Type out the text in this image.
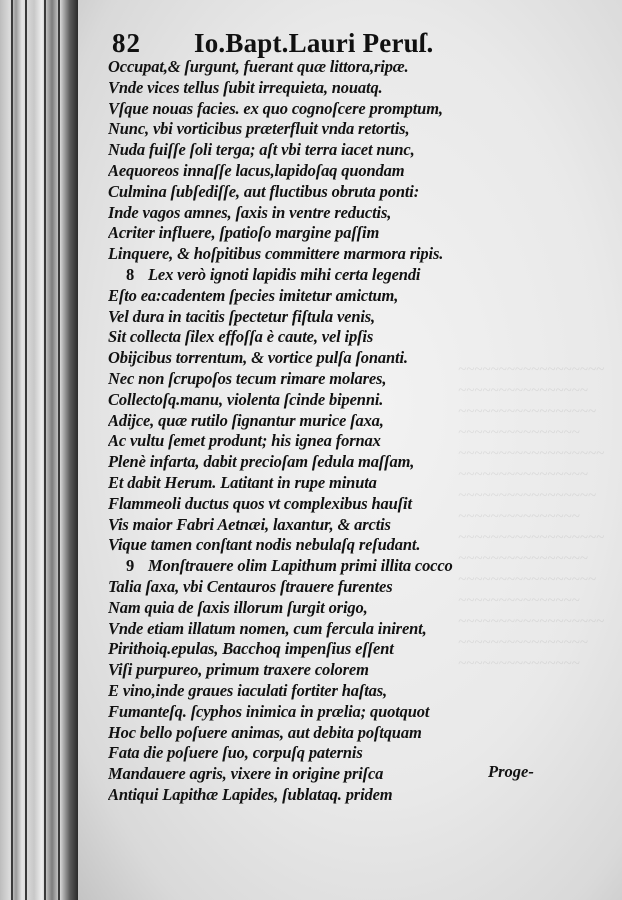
~~~~~~~~~~~~~~~~~~
~~~~~~~~~~~~~~~~
~~~~~~~~~~~~~~~~~
~~~~~~~~~~~~~~~
~~~~~~~~~~~~~~~~~~
~~~~~~~~~~~~~~~~
~~~~~~~~~~~~~~~~~
~~~~~~~~~~~~~~~
~~~~~~~~~~~~~~~~~~
~~~~~~~~~~~~~~~~
~~~~~~~~~~~~~~~~~
~~~~~~~~~~~~~~~
~~~~~~~~~~~~~~~~~~
~~~~~~~~~~~~~~~~
~~~~~~~~~~~~~~~
82 Io.Bapt.Lauri Peruſ.
Occupat,& ſurgunt, fuerant quæ littora,ripæ.
Vnde vices tellus ſubit irrequieta, nouatq.
Vſque nouas facies. ex quo cognoſcere promptum,
Nunc, vbi vorticibus præterfluit vnda retortis,
Nuda fuiſſe ſoli terga; aſt vbi terra iacet nunc,
Aequoreos innaſſe lacus,lapidoſaq quondam
Culmina ſubſediſſe, aut fluctibus obruta ponti:
Inde vagos amnes, ſaxis in ventre reductis,
Acriter influere, ſpatioſo margine paſſim
Linquere, & hoſpitibus committere marmora ripis.
8 Lex verò ignoti lapidis mihi certa legendi
Eſto ea:cadentem ſpecies imitetur amictum,
Vel dura in tacitis ſpectetur fiſtula venis,
Sit collecta ſilex effoſſa è caute, vel ipſis
Obijcibus torrentum, & vortice pulſa ſonanti.
Nec non ſcrupoſos tecum rimare molares,
Collectoſq.manu, violenta ſcinde bipenni.
Adijce, quæ rutilo ſignantur murice ſaxa,
Ac vultu ſemet produnt; his ignea fornax
Plenè infarta, dabit precioſam ſedula maſſam,
Et dabit Herum. Latitant in rupe minuta
Flammeoli ductus quos vt complexibus hauſit
Vis maior Fabri Aetnæi, laxantur, & arctis
Vique tamen conſtant nodis nebulaſq reſudant.
9 Monſtrauere olim Lapithum primi illita cocco
Talia ſaxa, vbi Centauros ſtrauere furentes
Nam quia de ſaxis illorum ſurgit origo,
Vnde etiam illatum nomen, cum fercula inirent,
Pirithoiq.epulas, Bacchoq impenſius eſſent
Viſi purpureo, primum traxere colorem
E vino,inde graues iaculati fortiter haſtas,
Fumanteſq. ſcyphos inimica in prælia; quotquot
Hoc bello poſuere animas, aut debita poſtquam
Fata die poſuere ſuo, corpuſq paternis
Mandauere agris, vixere in origine priſca
Antiqui Lapithæ Lapides, ſublataq. pridem
Proge-
